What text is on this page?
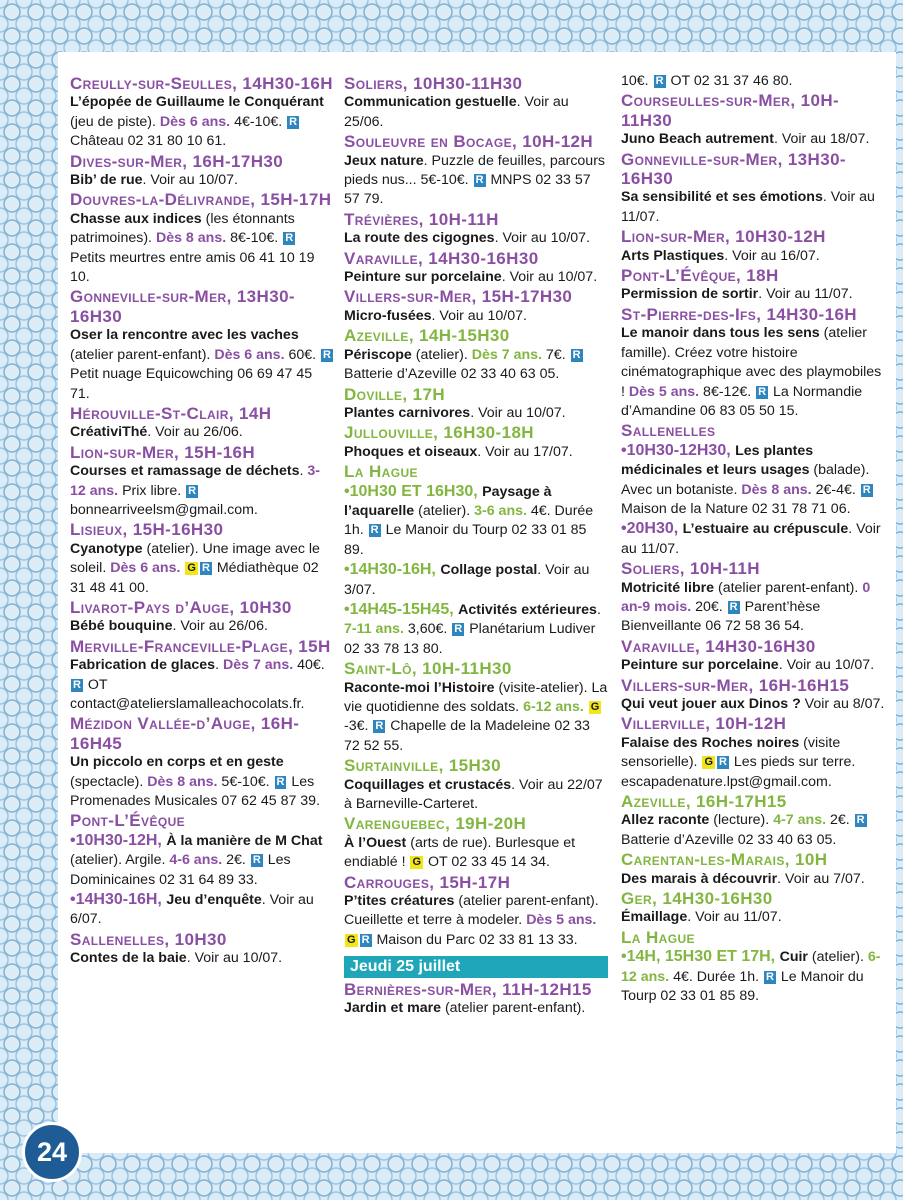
Creully-sur-Seulles, 14H30-16H
L’épopée de Guillaume le Conquérant (jeu de piste). Dès 6 ans. 4€-10€. R Château 02 31 80 10 61.
Dives-sur-Mer, 16H-17H30
Bib’ de rue. Voir au 10/07.
Douvres-la-Délivrande, 15H-17H
Chasse aux indices (les étonnants patrimoines). Dès 8 ans. 8€-10€. R Petits meurtres entre amis 06 41 10 19 10.
Gonneville-sur-Mer, 13H30-16H30
Oser la rencontre avec les vaches (atelier parent-enfant). Dès 6 ans. 60€. R Petit nuage Equicowching 06 69 47 45 71.
Hérouville-St-Clair, 14H
CréativiThé. Voir au 26/06.
Lion-sur-Mer, 15H-16H
Courses et ramassage de déchets. 3-12 ans. Prix libre. R bonnearriveelsm@gmail.com.
Lisieux, 15H-16H30
Cyanotype (atelier). Une image avec le soleil. Dès 6 ans. G R Médiathèque 02 31 48 41 00.
Livarot-Pays d’Auge, 10H30
Bébé bouquine. Voir au 26/06.
Merville-Franceville-Plage, 15H
Fabrication de glaces. Dès 7 ans. 40€. R OT contact@atelierslamalleachocolats.fr.
Mézidon Vallée-d’Auge, 16H-16H45
Un piccolo en corps et en geste (spectacle). Dès 8 ans. 5€-10€. R Les Promenades Musicales 07 62 45 87 39.
Pont-L’Évêque
•10H30-12H, À la manière de M Chat (atelier). Argile. 4-6 ans. 2€. R Les Dominicaines 02 31 64 89 33.
•14H30-16H, Jeu d’enquête. Voir au 6/07.
Sallenelles, 10H30
Contes de la baie. Voir au 10/07.
Soliers, 10H30-11H30
Communication gestuelle. Voir au 25/06.
Souleuvre en Bocage, 10H-12H
Jeux nature. Puzzle de feuilles, parcours pieds nus... 5€-10€. R MNPS 02 33 57 57 79.
Trévières, 10H-11H
La route des cigognes. Voir au 10/07.
Varaville, 14H30-16H30
Peinture sur porcelaine. Voir au 10/07.
Villers-sur-Mer, 15H-17H30
Micro-fusées. Voir au 10/07.
Azeville, 14H-15H30
Périscope (atelier). Dès 7 ans. 7€. R Batterie d’Azeville 02 33 40 63 05.
Doville, 17H
Plantes carnivores. Voir au 10/07.
Jullouville, 16H30-18H
Phoques et oiseaux. Voir au 17/07.
La Hague
•10H30 ET 16H30, Paysage à l’aquarelle (atelier). 3-6 ans. 4€. Durée 1h. R Le Manoir du Tourp 02 33 01 85 89.
•14H30-16H, Collage postal. Voir au 3/07.
•14H45-15H45, Activités extérieures. 7-11 ans. 3,60€. R Planétarium Ludiver 02 33 78 13 80.
Saint-Lô, 10H-11H30
Raconte-moi l’Histoire (visite-atelier). La vie quotidienne des soldats. 6-12 ans. G-3€. R Chapelle de la Madeleine 02 33 72 52 55.
Surtainville, 15H30
Coquillages et crustacés. Voir au 22/07 à Barneville-Carteret.
Varenguebec, 19H-20H
À l’Ouest (arts de rue). Burlesque et endiablé ! G OT 02 33 45 14 34.
Carrouges, 15H-17H
P’tites créatures (atelier parent-enfant). Cueillette et terre à modeler. Dès 5 ans. G R Maison du Parc 02 33 81 13 33.
Jeudi 25 juillet
Bernières-sur-Mer, 11H-12H15
Jardin et mare (atelier parent-enfant).
10€. R OT 02 31 37 46 80.
Courseulles-sur-Mer, 10H-11H30
Juno Beach autrement. Voir au 18/07.
Gonneville-sur-Mer, 13H30-16H30
Sa sensibilité et ses émotions. Voir au 11/07.
Lion-sur-Mer, 10H30-12H
Arts Plastiques. Voir au 16/07.
Pont-L’Évêque, 18H
Permission de sortir. Voir au 11/07.
St-Pierre-des-Ifs, 14H30-16H
Le manoir dans tous les sens (atelier famille). Créez votre histoire cinématographique avec des playmobiles ! Dès 5 ans. 8€-12€. R La Normandie d’Amandine 06 83 05 50 15.
Sallenelles
•10H30-12H30, Les plantes médicinales et leurs usages (balade). Avec un botaniste. Dès 8 ans. 2€-4€. R Maison de la Nature 02 31 78 71 06.
•20H30, L’estuaire au crépuscule. Voir au 11/07.
Soliers, 10H-11H
Motricité libre (atelier parent-enfant). 0 an-9 mois. 20€. R Parent’hèse Bienveillante 06 72 58 36 54.
Varaville, 14H30-16H30
Peinture sur porcelaine. Voir au 10/07.
Villers-sur-Mer, 16H-16H15
Qui veut jouer aux Dinos ? Voir au 8/07.
Villerville, 10H-12H
Falaise des Roches noires (visite sensorielle). G R Les pieds sur terre. escapadenature.lpst@gmail.com.
Azeville, 16H-17H15
Allez raconte (lecture). 4-7 ans. 2€. R Batterie d’Azeville 02 33 40 63 05.
Carentan-les-Marais, 10H
Des marais à découvrir. Voir au 7/07.
Ger, 14H30-16H30
Émaillage. Voir au 11/07.
La Hague
•14H, 15H30 ET 17H, Cuir (atelier). 6-12 ans. 4€. Durée 1h. R Le Manoir du Tourp 02 33 01 85 89.
24
